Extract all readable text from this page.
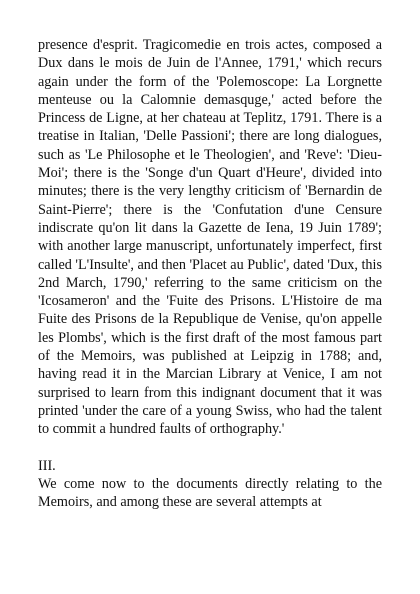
presence d'esprit. Tragicomedie en trois actes, composed a Dux dans le mois de Juin de l'Annee, 1791,' which recurs again under the form of the 'Polemoscope: La Lorgnette menteuse ou la Calomnie demasquge,' acted before the Princess de Ligne, at her chateau at Teplitz, 1791. There is a treatise in Italian, 'Delle Passioni'; there are long dialogues, such as 'Le Philosophe et le Theologien', and 'Reve': 'Dieu-Moi'; there is the 'Songe d'un Quart d'Heure', divided into minutes; there is the very lengthy criticism of 'Bernardin de Saint-Pierre'; there is the 'Confutation d'une Censure indiscrate qu'on lit dans la Gazette de Iena, 19 Juin 1789'; with another large manuscript, unfortunately imperfect, first called 'L'Insulte', and then 'Placet au Public', dated 'Dux, this 2nd March, 1790,' referring to the same criticism on the 'Icosameron' and the 'Fuite des Prisons. L'Histoire de ma Fuite des Prisons de la Republique de Venise, qu'on appelle les Plombs', which is the first draft of the most famous part of the Memoirs, was published at Leipzig in 1788; and, having read it in the Marcian Library at Venice, I am not surprised to learn from this indignant document that it was printed 'under the care of a young Swiss, who had the talent to commit a hundred faults of orthography.'

III.

We come now to the documents directly relating to the Memoirs, and among these are several attempts at
